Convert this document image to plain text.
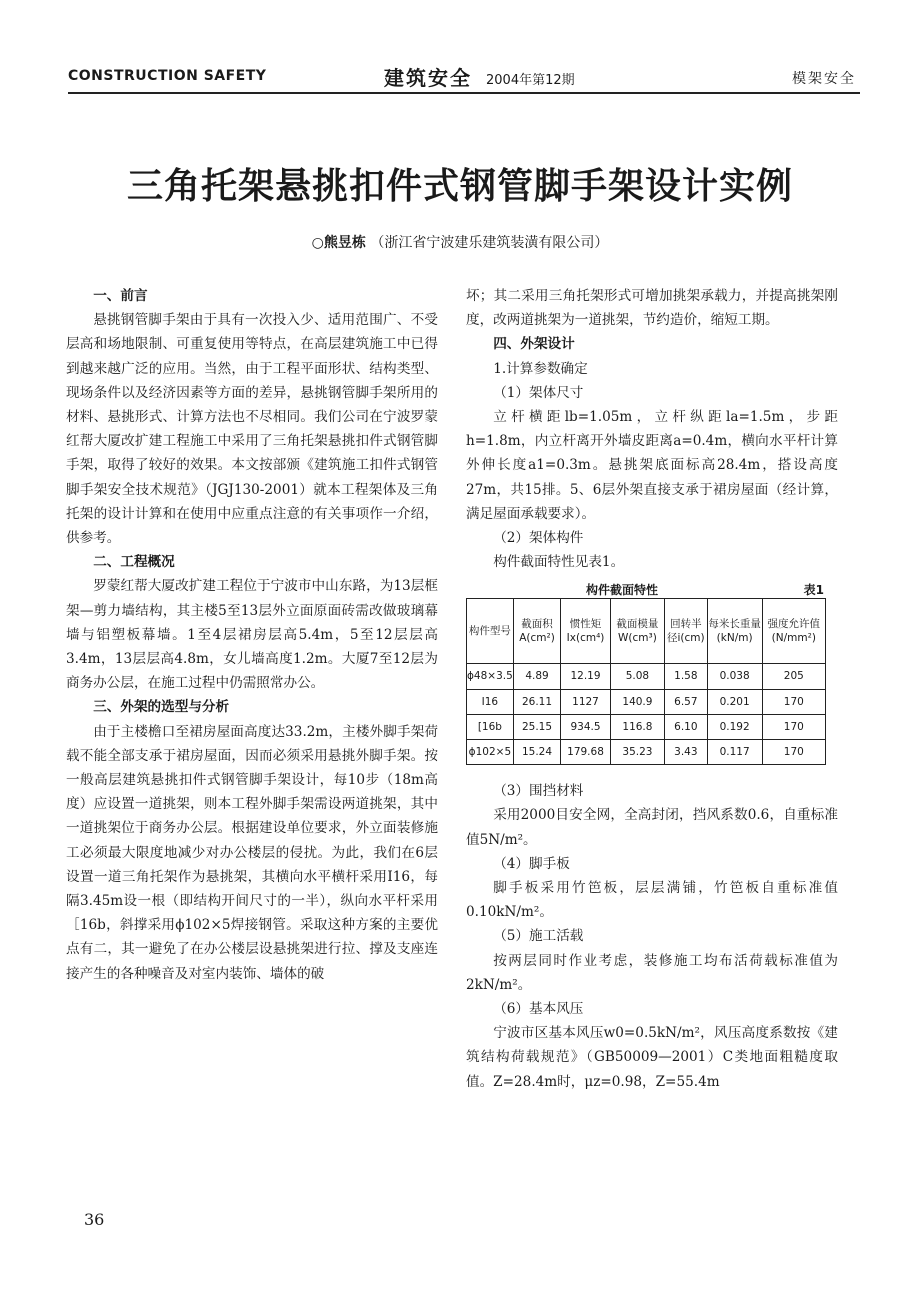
CONSTRUCTION SAFETY	建筑安全 2004年第12期	模架安全
三角托架悬挑扣件式钢管脚手架设计实例
○熊昱栋 （浙江省宁波建乐建筑装潢有限公司）

一、前言

悬挑钢管脚手架由于具有一次投入少、适用范围广、不受层高和场地限制、可重复使用等特点，在高层建筑施工中已得到越来越广泛的应用。当然，由于工程平面形状、结构类型、现场条件以及经济因素等方面的差异，悬挑钢管脚手架所用的材料、悬挑形式、计算方法也不尽相同。我们公司在宁波罗蒙红帮大厦改扩建工程施工中采用了三角托架悬挑扣件式钢管脚手架，取得了较好的效果。本文按部颁《建筑施工扣件式钢管脚手架安全技术规范》（JGJ130-2001）就本工程架体及三角托架的设计计算和在使用中应重点注意的有关事项作一介绍，供参考。

二、工程概况

罗蒙红帮大厦改扩建工程位于宁波市中山东路，为13层框架—剪力墙结构，其主楼5至13层外立面原面砖需改做玻璃幕墙与铝塑板幕墙。1至4层裙房层高5.4m，5至12层层高3.4m，13层层高4.8m，女儿墙高度1.2m。大厦7至12层为商务办公层，在施工过程中仍需照常办公。

三、外架的选型与分析

由于主楼檐口至裙房屋面高度达33.2m，主楼外脚手架荷载不能全部支承于裙房屋面，因而必须采用悬挑外脚手架。按一般高层建筑悬挑扣件式钢管脚手架设计，每10步（18m高度）应设置一道挑架，则本工程外脚手架需设两道挑架，其中一道挑架位于商务办公层。根据建设单位要求，外立面装修施工必须最大限度地减少对办公楼层的侵扰。为此，我们在6层设置一道三角托架作为悬挑架，其横向水平横杆采用I16，每隔3.45m设一根（即结构开间尺寸的一半），纵向水平杆采用［16b，斜撑采用ϕ102×5焊接钢管。采取这种方案的主要优点有二，其一避免了在办公楼层设悬挑架进行拉、撑及支座连接产生的各种噪音及对室内装饰、墙体的破

坏；其二采用三角托架形式可增加挑架承载力，并提高挑架刚度，改两道挑架为一道挑架，节约造价，缩短工期。

四、外架设计

1.计算参数确定

（1）架体尺寸

立杆横距lb=1.05m，立杆纵距la=1.5m，步距h=1.8m，内立杆离开外墙皮距离a=0.4m，横向水平杆计算外伸长度a1=0.3m。悬挑架底面标高28.4m，搭设高度27m，共15排。5、6层外架直接支承于裙房屋面（经计算，满足屋面承载要求）。

（2）架体构件

构件截面特性见表1。

构件截面特性	表1
构件型号	截面积A(cm²)	惯性矩Ix(cm⁴)	截面模量W(cm³)	回转半径i(cm)	每米长重量(kN/m)	强度允许值(N/mm²)
ϕ48×3.5	4.89	12.19	5.08	1.58	0.038	205
I16	26.11	1127	140.9	6.57	0.201	170
[16b	25.15	934.5	116.8	6.10	0.192	170
ϕ102×5	15.24	179.68	35.23	3.43	0.117	170

（3）围挡材料

采用2000目安全网，全高封闭，挡风系数0.6，自重标准值5N/m²。

（4）脚手板

脚手板采用竹笆板，层层满铺，竹笆板自重标准值0.10kN/m²。

（5）施工活载

按两层同时作业考虑，装修施工均布活荷载标准值为2kN/m²。

（6）基本风压

宁波市区基本风压w0=0.5kN/m²，风压高度系数按《建筑结构荷载规范》（GB50009—2001）C类地面粗糙度取值。Z=28.4m时，μz=0.98，Z=55.4m

36
